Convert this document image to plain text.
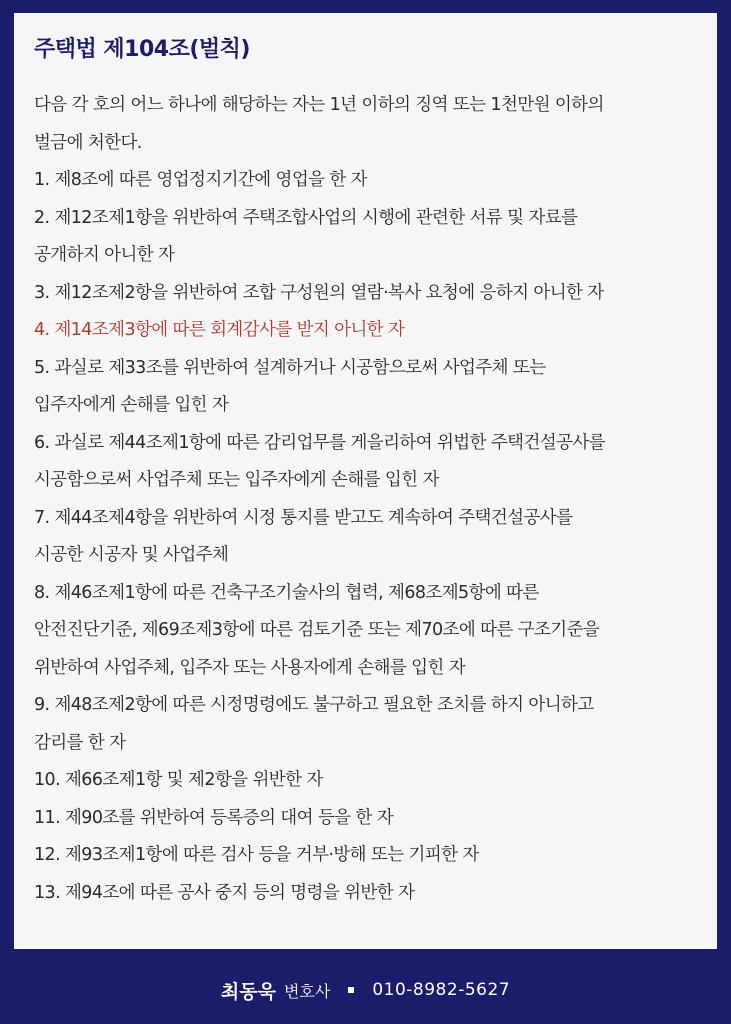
주택법 제104조(벌칙)
다음 각 호의 어느 하나에 해당하는 자는 1년 이하의 징역 또는 1천만원 이하의
벌금에 처한다.
1. 제8조에 따른 영업정지기간에 영업을 한 자
2. 제12조제1항을 위반하여 주택조합사업의 시행에 관련한 서류 및 자료를
공개하지 아니한 자
3. 제12조제2항을 위반하여 조합 구성원의 열람·복사 요청에 응하지 아니한 자
4. 제14조제3항에 따른 회계감사를 받지 아니한 자
5. 과실로 제33조를 위반하여 설계하거나 시공함으로써 사업주체 또는
입주자에게 손해를 입힌 자
6. 과실로 제44조제1항에 따른 감리업무를 게을리하여 위법한 주택건설공사를
시공함으로써 사업주체 또는 입주자에게 손해를 입힌 자
7. 제44조제4항을 위반하여 시정 통지를 받고도 계속하여 주택건설공사를
시공한 시공자 및 사업주체
8. 제46조제1항에 따른 건축구조기술사의 협력, 제68조제5항에 따른
안전진단기준, 제69조제3항에 따른 검토기준 또는 제70조에 따른 구조기준을
위반하여 사업주체, 입주자 또는 사용자에게 손해를 입힌 자
9. 제48조제2항에 따른 시정명령에도 불구하고 필요한 조치를 하지 아니하고
감리를 한 자
10. 제66조제1항 및 제2항을 위반한 자
11. 제90조를 위반하여 등록증의 대여 등을 한 자
12. 제93조제1항에 따른 검사 등을 거부·방해 또는 기피한 자
13. 제94조에 따른 공사 중지 등의 명령을 위반한 자
최동욱 변호사 010-8982-5627
